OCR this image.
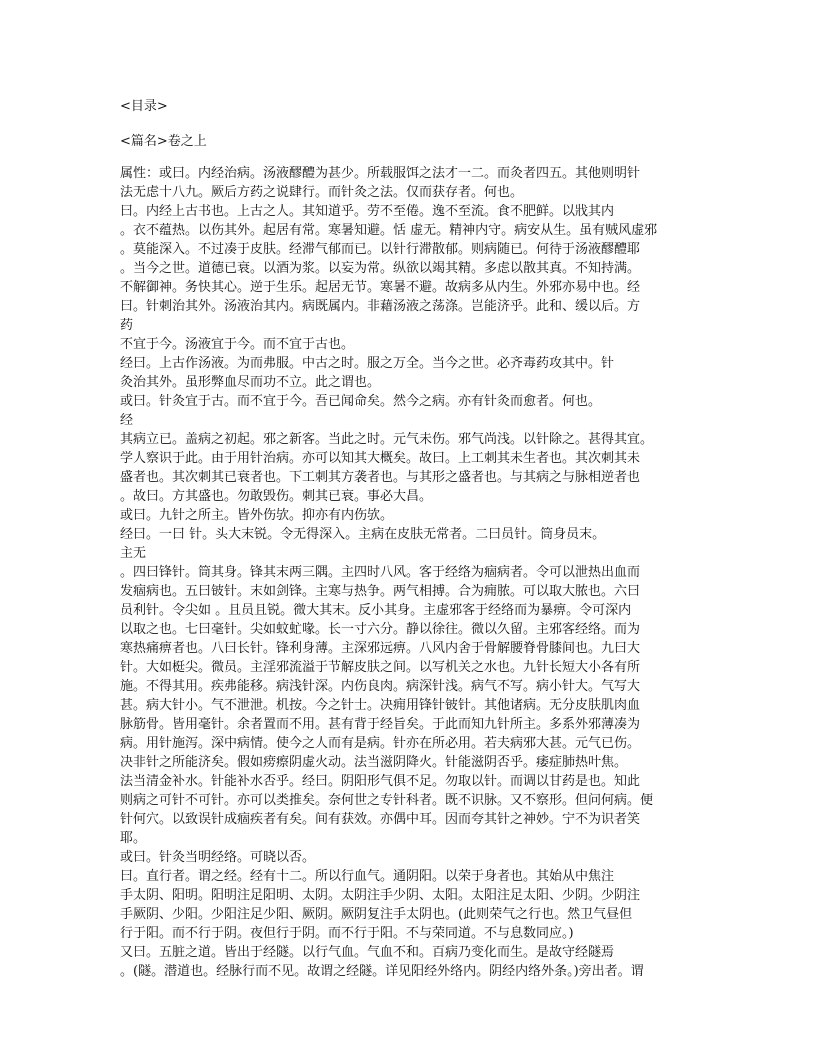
<目录>
<篇名>卷之上
属性：或曰。内经治病。汤液醪醴为甚少。所载服饵之法才一二。而灸者四五。其他则明针
法无虑十八九。厥后方药之说肆行。而针灸之法。仅而获存者。何也。
曰。内经上古书也。上古之人。其知道乎。劳不至倦。逸不至流。食不肥鲜。以戕其内
。衣不蕴热。以伤其外。起居有常。寒暑知避。恬 虚无。精神内守。病安从生。虽有贼风虚邪
。莫能深入。不过凑于皮肤。经滞气郁而已。以针行滞散郁。则病随已。何待于汤液醪醴耶
。当今之世。道德已衰。以酒为浆。以妄为常。纵欲以竭其精。多虑以散其真。不知持满。
不解御神。务快其心。逆于生乐。起居无节。寒暑不避。故病多从内生。外邪亦易中也。经
曰。针刺治其外。汤液治其内。病既属内。非藉汤液之荡涤。岂能济乎。此和、缓以后。方
药
不宜于今。汤液宜于今。而不宜于古也。
经曰。上古作汤液。为而弗服。中古之时。服之万全。当今之世。必齐毒药攻其中。针
灸治其外。虽形弊血尽而功不立。此之谓也。
或曰。针灸宜于古。而不宜于今。吾已闻命矣。然今之病。亦有针灸而愈者。何也。
经
其病立已。盖病之初起。邪之新客。当此之时。元气未伤。邪气尚浅。以针除之。甚得其宜。
学人察识于此。由于用针治病。亦可以知其大概矣。故曰。上工刺其未生者也。其次刺其未
盛者也。其次刺其已衰者也。下工刺其方袭者也。与其形之盛者也。与其病之与脉相逆者也
。故曰。方其盛也。勿敢毁伤。刺其已衰。事必大昌。
或曰。九针之所主。皆外伤欤。抑亦有内伤欤。
经曰。一曰 针。头大末锐。令无得深入。主病在皮肤无常者。二曰员针。筒身员末。
主无
。四曰锋针。筒其身。锋其末两三隅。主四时八风。客于经络为痼病者。令可以泄热出血而
发痼病也。五曰铍针。末如剑锋。主寒与热争。两气相搏。合为痈脓。可以取大脓也。六曰
员利针。令尖如 。且员且锐。微大其末。反小其身。主虚邪客于经络而为暴痹。令可深内
以取之也。七曰毫针。尖如蚊虻喙。长一寸六分。静以徐往。微以久留。主邪客经络。而为
寒热痛痹者也。八曰长针。锋利身薄。主深邪远痹。八风内舍于骨解腰脊骨膝间也。九曰大
针。大如梃尖。微员。主淫邪流溢于节解皮肤之间。以写机关之水也。九针长短大小各有所
施。不得其用。疾弗能移。病浅针深。内伤良肉。病深针浅。病气不写。病小针大。气写大
甚。病大针小。气不泄泄。机按。今之针士。决痈用锋针铍针。其他诸病。无分皮肤肌肉血
脉筋骨。皆用毫针。余者置而不用。甚有背于经旨矣。于此而知九针所主。多系外邪薄凑为
病。用针施泻。深中病情。使今之人而有是病。针亦在所必用。若夫病邪大甚。元气已伤。
决非针之所能济矣。假如痨瘵阴虚火动。法当滋阴降火。针能滋阴否乎。痿症肺热叶焦。
法当清金补水。针能补水否乎。经曰。阴阳形气俱不足。勿取以针。而调以甘药是也。知此
则病之可针不可针。亦可以类推矣。奈何世之专针科者。既不识脉。又不察形。但问何病。便
针何穴。以致误针成痼疾者有矣。间有获效。亦偶中耳。因而夸其针之神妙。宁不为识者笑
耶。
或曰。针灸当明经络。可晓以否。
曰。直行者。谓之经。经有十二。所以行血气。通阴阳。以荣于身者也。其始从中焦注
手太阴、阳明。阳明注足阳明、太阴。太阴注手少阴、太阳。太阳注足太阳、少阴。少阴注
手厥阴、少阳。少阳注足少阳、厥阴。厥阴复注手太阴也。(此则荣气之行也。然卫气昼但
行于阳。而不行于阴。夜但行于阴。而不行于阳。不与荣同道。不与息数同应。)
又曰。五脏之道。皆出于经隧。以行气血。气血不和。百病乃变化而生。是故守经隧焉
。(隧。潜道也。经脉行而不见。故谓之经隧。详见阳经外络内。阴经内络外条。)旁出者。谓
